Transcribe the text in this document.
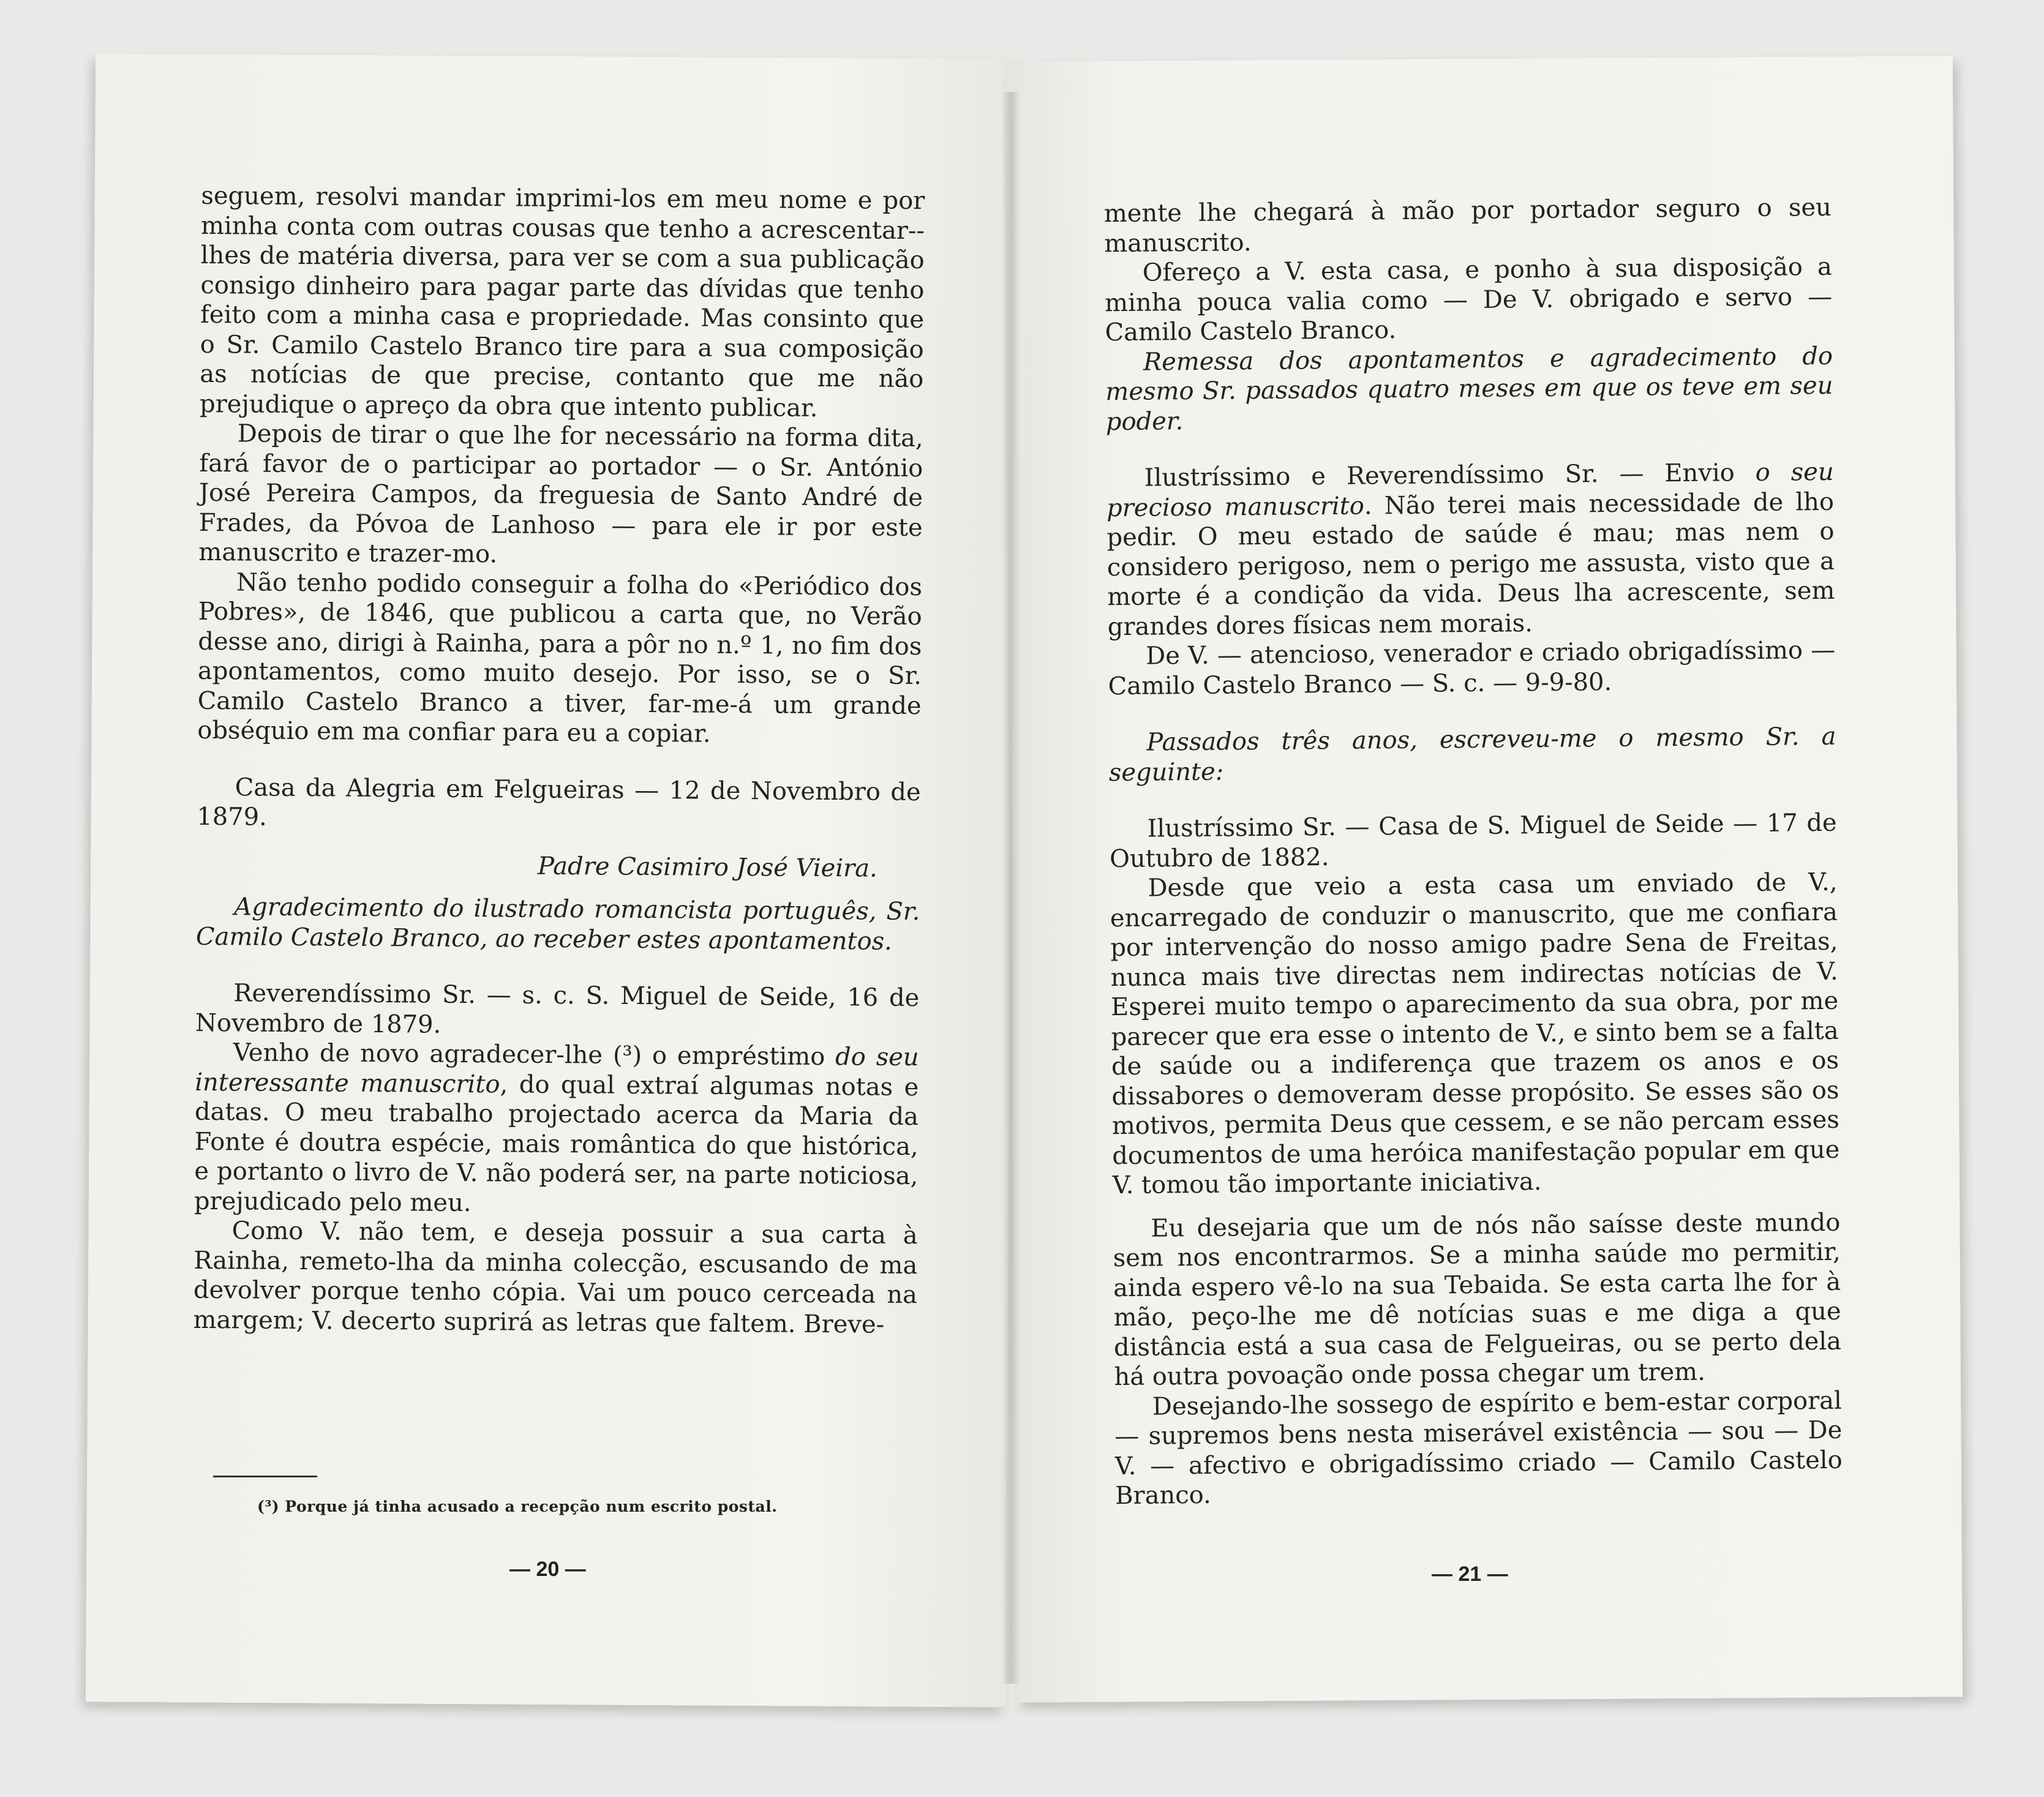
seguem, resolvi mandar imprimi-los em meu nome e por minha conta com outras cousas que tenho a acrescentar--lhes de matéria diversa, para ver se com a sua publicação consigo dinheiro para pagar parte das dívidas que tenho feito com a minha casa e propriedade. Mas consinto que o Sr. Camilo Castelo Branco tire para a sua composição as notícias de que precise, contanto que me não prejudique o apreço da obra que intento publicar.

Depois de tirar o que lhe for necessário na forma dita, fará favor de o participar ao portador — o Sr. António José Pereira Campos, da freguesia de Santo André de Frades, da Póvoa de Lanhoso — para ele ir por este manuscrito e trazer-mo.

Não tenho podido conseguir a folha do «Periódico dos Pobres», de 1846, que publicou a carta que, no Verão desse ano, dirigi à Rainha, para a pôr no n.º 1, no fim dos apontamentos, como muito desejo. Por isso, se o Sr. Camilo Castelo Branco a tiver, far-me-á um grande obséquio em ma confiar para eu a copiar.

Casa da Alegria em Felgueiras — 12 de Novembro de 1879.

Padre Casimiro José Vieira.

Agradecimento do ilustrado romancista português, Sr. Camilo Castelo Branco, ao receber estes apontamentos.

Reverendíssimo Sr. — s. c. S. Miguel de Seide, 16 de Novembro de 1879.

Venho de novo agradecer-lhe (³) o empréstimo do seu interessante manuscrito, do qual extraí algumas notas e datas. O meu trabalho projectado acerca da Maria da Fonte é doutra espécie, mais romântica do que histórica, e portanto o livro de V. não poderá ser, na parte noticiosa, prejudicado pelo meu.

Como V. não tem, e deseja possuir a sua carta à Rainha, remeto-lha da minha colecção, escusando de ma devolver porque tenho cópia. Vai um pouco cerceada na margem; V. decerto suprirá as letras que faltem. Breve-

(³) Porque já tinha acusado a recepção num escrito postal.
— 20 —

mente lhe chegará à mão por portador seguro o seu manuscrito.

Ofereço a V. esta casa, e ponho à sua disposição a minha pouca valia como — De V. obrigado e servo — Camilo Castelo Branco.

Remessa dos apontamentos e agradecimento do mesmo Sr. passados quatro meses em que os teve em seu poder.

Ilustríssimo e Reverendíssimo Sr. — Envio o seu precioso manuscrito. Não terei mais necessidade de lho pedir. O meu estado de saúde é mau; mas nem o considero perigoso, nem o perigo me assusta, visto que a morte é a condição da vida. Deus lha acrescente, sem grandes dores físicas nem morais.

De V. — atencioso, venerador e criado obrigadíssimo — Camilo Castelo Branco — S. c. — 9-9-80.

Passados três anos, escreveu-me o mesmo Sr. a seguinte:

Ilustríssimo Sr. — Casa de S. Miguel de Seide — 17 de Outubro de 1882.

Desde que veio a esta casa um enviado de V., encarregado de conduzir o manuscrito, que me confiara por intervenção do nosso amigo padre Sena de Freitas, nunca mais tive directas nem indirectas notícias de V. Esperei muito tempo o aparecimento da sua obra, por me parecer que era esse o intento de V., e sinto bem se a falta de saúde ou a indiferença que trazem os anos e os dissabores o demoveram desse propósito. Se esses são os motivos, permita Deus que cessem, e se não percam esses documentos de uma heróica manifestação popular em que V. tomou tão importante iniciativa.

Eu desejaria que um de nós não saísse deste mundo sem nos encontrarmos. Se a minha saúde mo permitir, ainda espero vê-lo na sua Tebaida. Se esta carta lhe for à mão, peço-lhe me dê notícias suas e me diga a que distância está a sua casa de Felgueiras, ou se perto dela há outra povoação onde possa chegar um trem.

Desejando-lhe sossego de espírito e bem-estar corporal — supremos bens nesta miserável existência — sou — De V. — afectivo e obrigadíssimo criado — Camilo Castelo Branco.

— 21 —
